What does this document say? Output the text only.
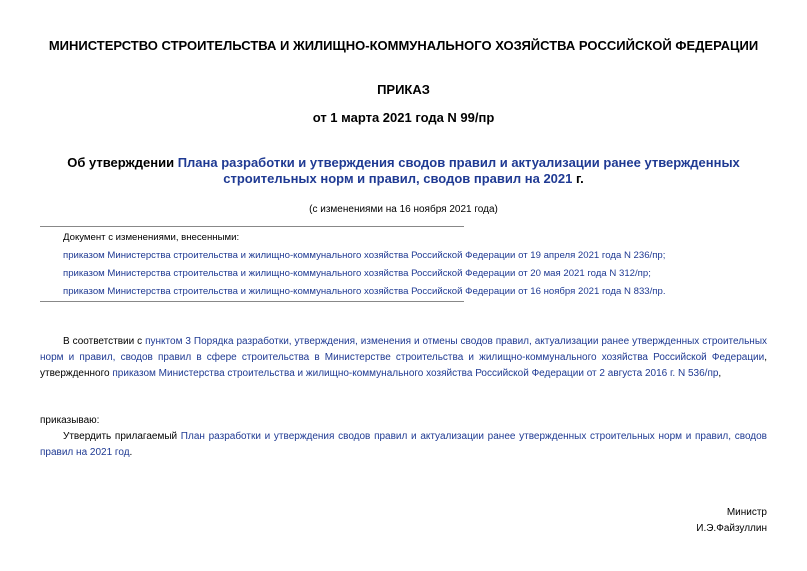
МИНИСТЕРСТВО СТРОИТЕЛЬСТВА И ЖИЛИЩНО-КОММУНАЛЬНОГО ХОЗЯЙСТВА РОССИЙСКОЙ ФЕДЕРАЦИИ
ПРИКАЗ
от 1 марта 2021 года N 99/пр
Об утверждении Плана разработки и утверждения сводов правил и актуализации ранее утвержденных строительных норм и правил, сводов правил на 2021 г.
(с изменениями на 16 ноября 2021 года)
Документ с изменениями, внесенными:
приказом Министерства строительства и жилищно-коммунального хозяйства Российской Федерации от 19 апреля 2021 года N 236/пр;
приказом Министерства строительства и жилищно-коммунального хозяйства Российской Федерации от 20 мая 2021 года N 312/пр;
приказом Министерства строительства и жилищно-коммунального хозяйства Российской Федерации от 16 ноября 2021 года N 833/пр.
В соответствии с пунктом 3 Порядка разработки, утверждения, изменения и отмены сводов правил, актуализации ранее утвержденных строительных норм и правил, сводов правил в сфере строительства в Министерстве строительства и жилищно-коммунального хозяйства Российской Федерации, утвержденного приказом Министерства строительства и жилищно-коммунального хозяйства Российской Федерации от 2 августа 2016 г. N 536/пр,
приказываю:
Утвердить прилагаемый План разработки и утверждения сводов правил и актуализации ранее утвержденных строительных норм и правил, сводов правил на 2021 год.
Министр
И.Э.Файзуллин
